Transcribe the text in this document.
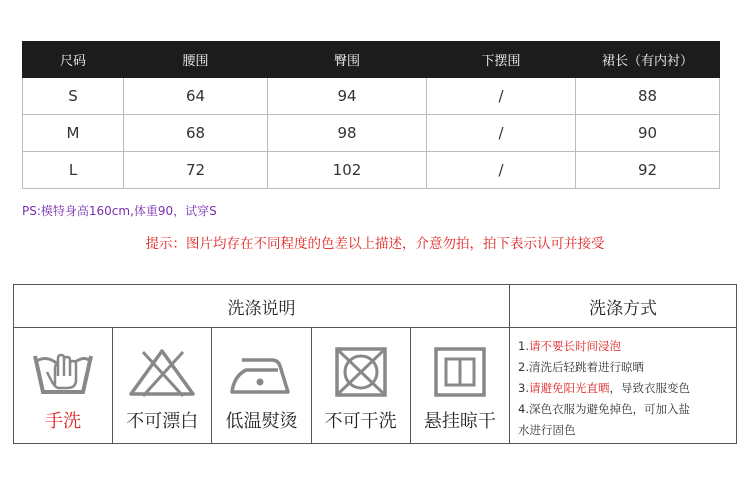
尺码	腰围	臀围	下摆围	裙长（有内衬）
S	64	94	/	88
M	68	98	/	90
L	72	102	/	92
PS:模特身高160cm,体重90，试穿S
提示：图片均存在不同程度的色差以上描述，介意勿拍，拍下表示认可并接受
洗涤说明	洗涤方式
手洗	不可漂白	低温熨烫	不可干洗	悬挂晾干
1.请不要长时间浸泡
2.清洗后轻跳着进行晾晒
3.请避免阳光直晒，导致衣服变色
4.深色衣服为避免掉色，可加入盐
水进行固色
